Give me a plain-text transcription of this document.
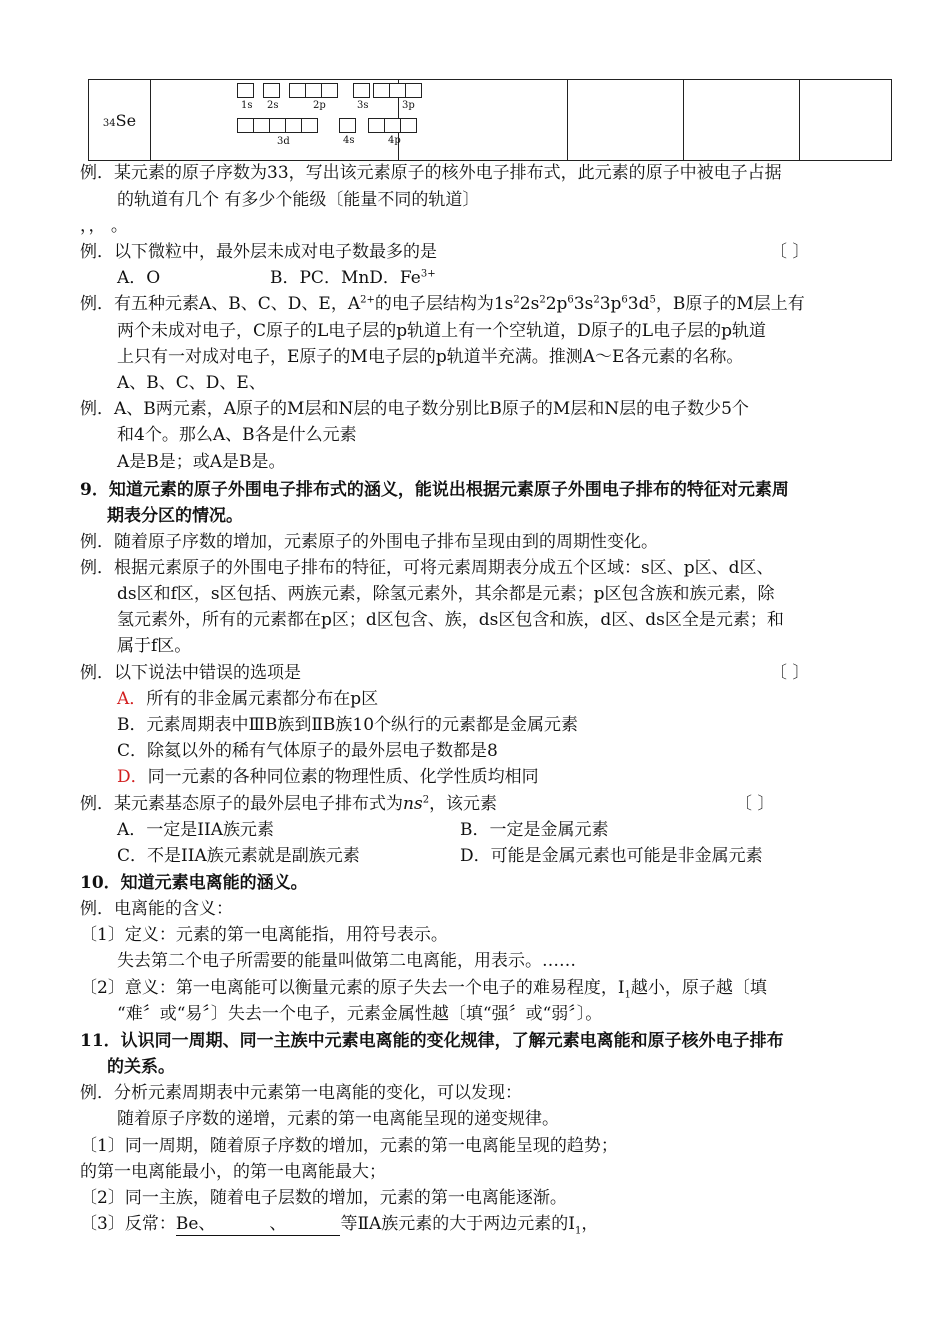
34Se	
1s 2s	2p	3s	3p
3d	4s	4p

例．某元素的原子序数为33，写出该元素原子的核外电子排布式，此元素的原子中被电子占据
的轨道有几个 有多少个能级〔能量不同的轨道〕
，， 。
例．以下微粒中，最外层未成对电子数最多的是	〔 〕
A．O	B．PC．MnD．$Fe^{3+}$
例．有五种元素A、B、C、D、E，$A^{2+}$的电子层结构为$1s^22s^22p^63s^23p^63d^5$，B原子的M层上有
两个未成对电子，C原子的L电子层的p轨道上有一个空轨道，D原子的L电子层的p轨道
上只有一对成对电子，E原子的M电子层的p轨道半充满。推测A～E各元素的名称。
A、B、C、D、E、
例．A、B两元素，A原子的M层和N层的电子数分别比B原子的M层和N层的电子数少5个
和4个。那么A、B各是什么元素
A是B是；或A是B是。
9．知道元素的原子外围电子排布式的涵义，能说出根据元素原子外围电子排布的特征对元素周
期表分区的情况。
例．随着原子序数的增加，元素原子的外围电子排布呈现由到的周期性变化。
例．根据元素原子的外围电子排布的特征，可将元素周期表分成五个区域：s区、p区、d区、
ds区和f区，s区包括、两族元素，除氢元素外，其余都是元素；p区包含族和族元素，除
氢元素外，所有的元素都在p区；d区包含、族，ds区包含和族，d区、ds区全是元素；和
属于f区。
例．以下说法中错误的选项是	〔 〕
A．所有的非金属元素都分布在p区
B．元素周期表中ⅢB族到ⅡB族10个纵行的元素都是金属元素
C．除氦以外的稀有气体原子的最外层电子数都是8
D．同一元素的各种同位素的物理性质、化学性质均相同
例．某元素基态原子的最外层电子排布式为$ns^2$，该元素	〔 〕
A．一定是IIA族元素	B．一定是金属元素
C．不是IIA族元素就是副族元素	D．可能是金属元素也可能是非金属元素
10．知道元素电离能的涵义。
例．电离能的含义：
〔1〕定义：元素的第一电离能指，用符号表示。
失去第二个电子所需要的能量叫做第二电离能，用表示。……
〔2〕意义：第一电离能可以衡量元素的原子失去一个电子的难易程度，$I_1$越小，原子越〔填
“难〞或“易〞〕失去一个电子，元素金属性越〔填“强〞或“弱〞〕。
11．认识同一周期、同一主族中元素电离能的变化规律，了解元素电离能和原子核外电子排布
的关系。
例．分析元素周期表中元素第一电离能的变化，可以发现：
随着原子序数的递增，元素的第一电离能呈现的递变规律。
〔1〕同一周期，随着原子序数的增加，元素的第一电离能呈现的趋势；
的第一电离能最小，的第一电离能最大；
〔2〕同一主族，随着电子层数的增加，元素的第一电离能逐渐。
〔3〕反常：Be、          、          等ⅡA族元素的大于两边元素的$I_1$，
